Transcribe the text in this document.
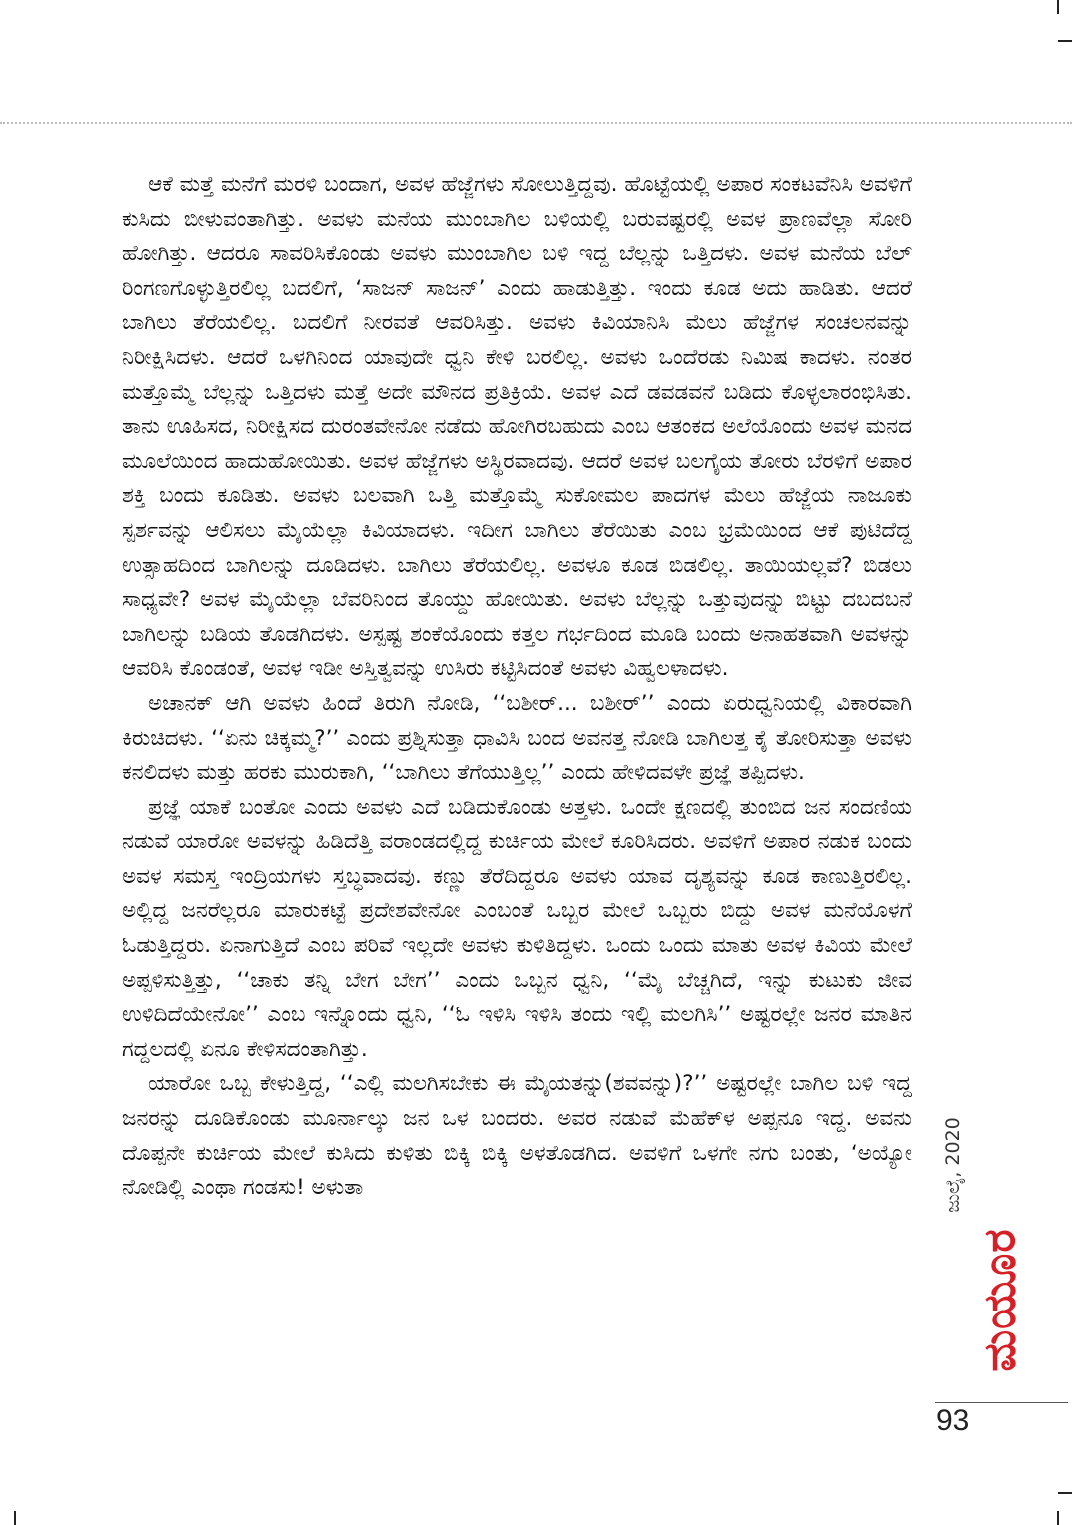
ಆಕೆ ಮತ್ತೆ ಮನೆಗೆ ಮರಳಿ ಬಂದಾಗ, ಅವಳ ಹೆಜ್ಜೆಗಳು ಸೋಲುತ್ತಿದ್ದವು. ಹೊಟ್ಟೆಯಲ್ಲಿ ಅಪಾರ ಸಂಕಟವೆನಿಸಿ ಅವಳಿಗೆ ಕುಸಿದು ಬೀಳುವಂತಾಗಿತ್ತು. ಅವಳು ಮನೆಯ ಮುಂಬಾಗಿಲ ಬಳಿಯಲ್ಲಿ ಬರುವಷ್ಟರಲ್ಲಿ ಅವಳ ಪ್ರಾಣವೆಲ್ಲಾ ಸೋರಿ ಹೋಗಿತ್ತು. ಆದರೂ ಸಾವರಿಸಿಕೊಂಡು ಅವಳು ಮುಂಬಾಗಿಲ ಬಳಿ ಇದ್ದ ಬೆಲ್ಲನ್ನು ಒತ್ತಿದಳು. ಅವಳ ಮನೆಯ ಬೆಲ್ ರಿಂಗಣಗೊಳ್ಳುತ್ತಿರಲಿಲ್ಲ ಬದಲಿಗೆ, ‘ಸಾಜನ್ ಸಾಜನ್’ ಎಂದು ಹಾಡುತ್ತಿತ್ತು. ಇಂದು ಕೂಡ ಅದು ಹಾಡಿತು. ಆದರೆ ಬಾಗಿಲು ತೆರೆಯಲಿಲ್ಲ. ಬದಲಿಗೆ ನೀರವತೆ ಆವರಿಸಿತ್ತು. ಅವಳು ಕಿವಿಯಾನಿಸಿ ಮೆಲು ಹೆಜ್ಜೆಗಳ ಸಂಚಲನವನ್ನು ನಿರೀಕ್ಷಿಸಿದಳು. ಆದರೆ ಒಳಗಿನಿಂದ ಯಾವುದೇ ಧ್ವನಿ ಕೇಳಿ ಬರಲಿಲ್ಲ. ಅವಳು ಒಂದೆರಡು ನಿಮಿಷ ಕಾದಳು. ನಂತರ ಮತ್ತೊಮ್ಮೆ ಬೆಲ್ಲನ್ನು ಒತ್ತಿದಳು ಮತ್ತೆ ಅದೇ ಮೌನದ ಪ್ರತಿಕ್ರಿಯೆ. ಅವಳ ಎದೆ ಡವಡವನೆ ಬಡಿದು ಕೊಳ್ಳಲಾರಂಭಿಸಿತು. ತಾನು ಊಹಿಸದ, ನಿರೀಕ್ಷಿಸದ ದುರಂತವೇನೋ ನಡೆದು ಹೋಗಿರಬಹುದು ಎಂಬ ಆತಂಕದ ಅಲೆಯೊಂದು ಅವಳ ಮನದ ಮೂಲೆಯಿಂದ ಹಾದುಹೋಯಿತು. ಅವಳ ಹೆಜ್ಜೆಗಳು ಅಸ್ಥಿರವಾದವು. ಆದರೆ ಅವಳ ಬಲಗೈಯ ತೋರು ಬೆರಳಿಗೆ ಅಪಾರ ಶಕ್ತಿ ಬಂದು ಕೂಡಿತು. ಅವಳು ಬಲವಾಗಿ ಒತ್ತಿ ಮತ್ತೊಮ್ಮೆ ಸುಕೋಮಲ ಪಾದಗಳ ಮೆಲು ಹೆಜ್ಜೆಯ ನಾಜೂಕು ಸ್ಪರ್ಶವನ್ನು ಆಲಿಸಲು ಮೈಯೆಲ್ಲಾ ಕಿವಿಯಾದಳು. ಇದೀಗ ಬಾಗಿಲು ತೆರೆಯಿತು ಎಂಬ ಭ್ರಮೆಯಿಂದ ಆಕೆ ಪುಟಿದೆದ್ದ ಉತ್ಸಾಹದಿಂದ ಬಾಗಿಲನ್ನು ದೂಡಿದಳು. ಬಾಗಿಲು ತೆರೆಯಲಿಲ್ಲ. ಅವಳೂ ಕೂಡ ಬಿಡಲಿಲ್ಲ. ತಾಯಿಯಲ್ಲವೆ? ಬಿಡಲು ಸಾಧ್ಯವೇ? ಅವಳ ಮೈಯೆಲ್ಲಾ ಬೆವರಿನಿಂದ ತೊಯ್ದು ಹೋಯಿತು. ಅವಳು ಬೆಲ್ಲನ್ನು ಒತ್ತುವುದನ್ನು ಬಿಟ್ಟು ದಬದಬನೆ ಬಾಗಿಲನ್ನು ಬಡಿಯ ತೊಡಗಿದಳು. ಅಸ್ಪಷ್ಟ ಶಂಕೆಯೊಂದು ಕತ್ತಲ ಗರ್ಭದಿಂದ ಮೂಡಿ ಬಂದು ಅನಾಹತವಾಗಿ ಅವಳನ್ನು ಆವರಿಸಿ ಕೊಂಡಂತೆ, ಅವಳ ಇಡೀ ಅಸ್ತಿತ್ವವನ್ನು ಉಸಿರು ಕಟ್ಟಿಸಿದಂತೆ ಅವಳು ವಿಹ್ವಲಳಾದಳು.

ಅಚಾನಕ್ ಆಗಿ ಅವಳು ಹಿಂದೆ ತಿರುಗಿ ನೋಡಿ, ‘‘ಬಶೀರ್... ಬಶೀರ್’’ ಎಂದು ಏರುಧ್ವನಿಯಲ್ಲಿ ವಿಕಾರವಾಗಿ ಕಿರುಚಿದಳು. ‘‘ಏನು ಚಿಕ್ಕಮ್ಮ?’’ ಎಂದು ಪ್ರಶ್ನಿಸುತ್ತಾ ಧಾವಿಸಿ ಬಂದ ಅವನತ್ತ ನೋಡಿ ಬಾಗಿಲತ್ತ ಕೈ ತೋರಿಸುತ್ತಾ ಅವಳು ಕನಲಿದಳು ಮತ್ತು ಹರಕು ಮುರುಕಾಗಿ, ‘‘ಬಾಗಿಲು ತೆಗೆಯುತ್ತಿಲ್ಲ’’ ಎಂದು ಹೇಳಿದವಳೇ ಪ್ರಜ್ಞೆ ತಪ್ಪಿದಳು.

ಪ್ರಜ್ಞೆ ಯಾಕೆ ಬಂತೋ ಎಂದು ಅವಳು ಎದೆ ಬಡಿದುಕೊಂಡು ಅತ್ತಳು. ಒಂದೇ ಕ್ಷಣದಲ್ಲಿ ತುಂಬಿದ ಜನ ಸಂದಣಿಯ ನಡುವೆ ಯಾರೋ ಅವಳನ್ನು ಹಿಡಿದೆತ್ತಿ ವರಾಂಡದಲ್ಲಿದ್ದ ಕುರ್ಚಿಯ ಮೇಲೆ ಕೂರಿಸಿದರು. ಅವಳಿಗೆ ಅಪಾರ ನಡುಕ ಬಂದು ಅವಳ ಸಮಸ್ತ ಇಂದ್ರಿಯಗಳು ಸ್ತಬ್ಧವಾದವು. ಕಣ್ಣು ತೆರೆದಿದ್ದರೂ ಅವಳು ಯಾವ ದೃಶ್ಯವನ್ನು ಕೂಡ ಕಾಣುತ್ತಿರಲಿಲ್ಲ. ಅಲ್ಲಿದ್ದ ಜನರೆಲ್ಲರೂ ಮಾರುಕಟ್ಟೆ ಪ್ರದೇಶವೇನೋ ಎಂಬಂತೆ ಒಬ್ಬರ ಮೇಲೆ ಒಬ್ಬರು ಬಿದ್ದು ಅವಳ ಮನೆಯೊಳಗೆ ಓಡುತ್ತಿದ್ದರು. ಏನಾಗುತ್ತಿದೆ ಎಂಬ ಪರಿವೆ ಇಲ್ಲದೇ ಅವಳು ಕುಳಿತಿದ್ದಳು. ಒಂದು ಒಂದು ಮಾತು ಅವಳ ಕಿವಿಯ ಮೇಲೆ ಅಪ್ಪಳಿಸುತ್ತಿತ್ತು, ‘‘ಚಾಕು ತನ್ನಿ ಬೇಗ ಬೇಗ’’ ಎಂದು ಒಬ್ಬನ ಧ್ವನಿ, ‘‘ಮೈ ಬೆಚ್ಚಗಿದೆ, ಇನ್ನು ಕುಟುಕು ಜೀವ ಉಳಿದಿದೆಯೇನೋ’’ ಎಂಬ ಇನ್ನೊಂದು ಧ್ವನಿ, ‘‘ಓ ಇಳಿಸಿ ಇಳಿಸಿ ತಂದು ಇಲ್ಲಿ ಮಲಗಿಸಿ’’ ಅಷ್ಟರಲ್ಲೇ ಜನರ ಮಾತಿನ ಗದ್ದಲದಲ್ಲಿ ಏನೂ ಕೇಳಿಸದಂತಾಗಿತ್ತು.

ಯಾರೋ ಒಬ್ಬ ಕೇಳುತ್ತಿದ್ದ, ‘‘ಎಲ್ಲಿ ಮಲಗಿಸಬೇಕು ಈ ಮೈಯತನ್ನು(ಶವವನ್ನು)?’’ ಅಷ್ಟರಲ್ಲೇ ಬಾಗಿಲ ಬಳಿ ಇದ್ದ ಜನರನ್ನು ದೂಡಿಕೊಂಡು ಮೂರ್ನಾಲ್ಕು ಜನ ಒಳ ಬಂದರು. ಅವರ ನಡುವೆ ಮೆಹೆಕ್‌ಳ ಅಪ್ಪನೂ ಇದ್ದ. ಅವನು ದೊಪ್ಪನೇ ಕುರ್ಚಿಯ ಮೇಲೆ ಕುಸಿದು ಕುಳಿತು ಬಿಕ್ಕಿ ಬಿಕ್ಕಿ ಅಳತೊಡಗಿದ. ಅವಳಿಗೆ ಒಳಗೇ ನಗು ಬಂತು, ‘ಅಯ್ಯೋ ನೋಡಿಲ್ಲಿ ಎಂಥಾ ಗಂಡಸು! ಅಳುತಾ	ಜುಲೈ, 2020
ಮಯೂರ
93
